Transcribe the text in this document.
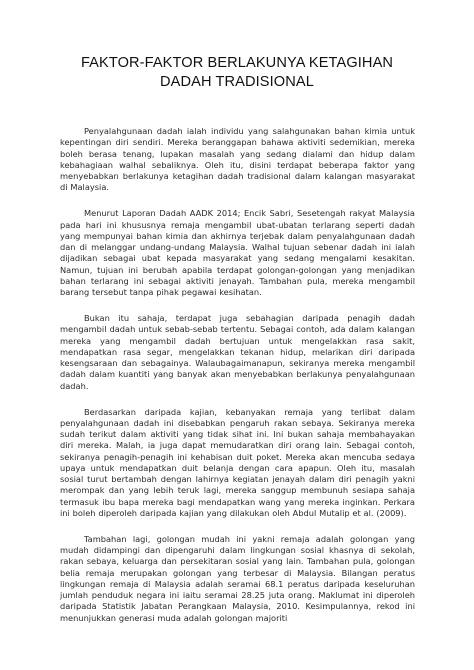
FAKTOR-FAKTOR BERLAKUNYA KETAGIHAN
DADAH TRADISIONAL

Penyalahgunaan dadah ialah individu yang salahgunakan bahan kimia untuk kepentingan diri sendiri. Mereka beranggapan bahawa aktiviti sedemikian, mereka boleh berasa tenang, lupakan masalah yang sedang dialami dan hidup dalam kebahagiaan walhal sebaliknya. Oleh itu, disini terdapat beberapa faktor yang menyebabkan berlakunya ketagihan dadah tradisional dalam kalangan masyarakat di Malaysia.

Menurut Laporan Dadah AADK 2014; Encik Sabri, Sesetengah rakyat Malaysia pada hari ini khususnya remaja mengambil ubat-ubatan terlarang seperti dadah yang mempunyai bahan kimia dan akhirnya terjebak dalam penyalahgunaan dadah dan di melanggar undang-undang Malaysia. Walhal tujuan sebenar dadah ini ialah dijadikan sebagai ubat kepada masyarakat yang sedang mengalami kesakitan. Namun, tujuan ini berubah apabila terdapat golongan-golongan yang menjadikan bahan terlarang ini sebagai aktiviti jenayah. Tambahan pula, mereka mengambil barang tersebut tanpa pihak pegawai kesihatan.

Bukan itu sahaja, terdapat juga sebahagian daripada penagih dadah mengambil dadah untuk sebab-sebab tertentu. Sebagai contoh, ada dalam kalangan mereka yang mengambil dadah bertujuan untuk mengelakkan rasa sakit, mendapatkan rasa segar, mengelakkan tekanan hidup, melarikan diri daripada kesengsaraan dan sebagainya. Walaubagaimanapun, sekiranya mereka mengambil dadah dalam kuantiti yang banyak akan menyebabkan berlakunya penyalahgunaan dadah.

Berdasarkan daripada kajian, kebanyakan remaja yang terlibat dalam penyalahgunaan dadah ini disebabkan pengaruh rakan sebaya. Sekiranya mereka sudah terikut dalam aktiviti yang tidak sihat ini. Ini bukan sahaja membahayakan diri mereka. Malah, ia juga dapat memudaratkan diri orang lain. Sebagai contoh, sekiranya penagih-penagih ini kehabisan duit poket. Mereka akan mencuba sedaya upaya untuk mendapatkan duit belanja dengan cara apapun. Oleh itu, masalah sosial turut bertambah dengan lahirnya kegiatan jenayah dalam diri penagih yakni merompak dan yang lebih teruk lagi, mereka sanggup membunuh sesiapa sahaja termasuk ibu bapa mereka bagi mendapatkan wang yang mereka inginkan. Perkara ini boleh diperoleh daripada kajian yang dilakukan oleh Abdul Mutalip et al. (2009).

Tambahan lagi, golongan mudah ini yakni remaja adalah golongan yang mudah didampingi dan dipengaruhi dalam lingkungan sosial khasnya di sekolah, rakan sebaya, keluarga dan persekitaran sosial yang lain. Tambahan pula, golongan belia remaja merupakan golongan yang terbesar di Malaysia. Bilangan peratus lingkungan remaja di Malaysia adalah seramai 68.1 peratus daripada keseluruhan jumlah penduduk negara ini iaitu seramai 28.25 juta orang. Maklumat ini diperoleh daripada Statistik Jabatan Perangkaan Malaysia, 2010. Kesimpulannya, rekod ini menunjukkan generasi muda adalah golongan majoriti
